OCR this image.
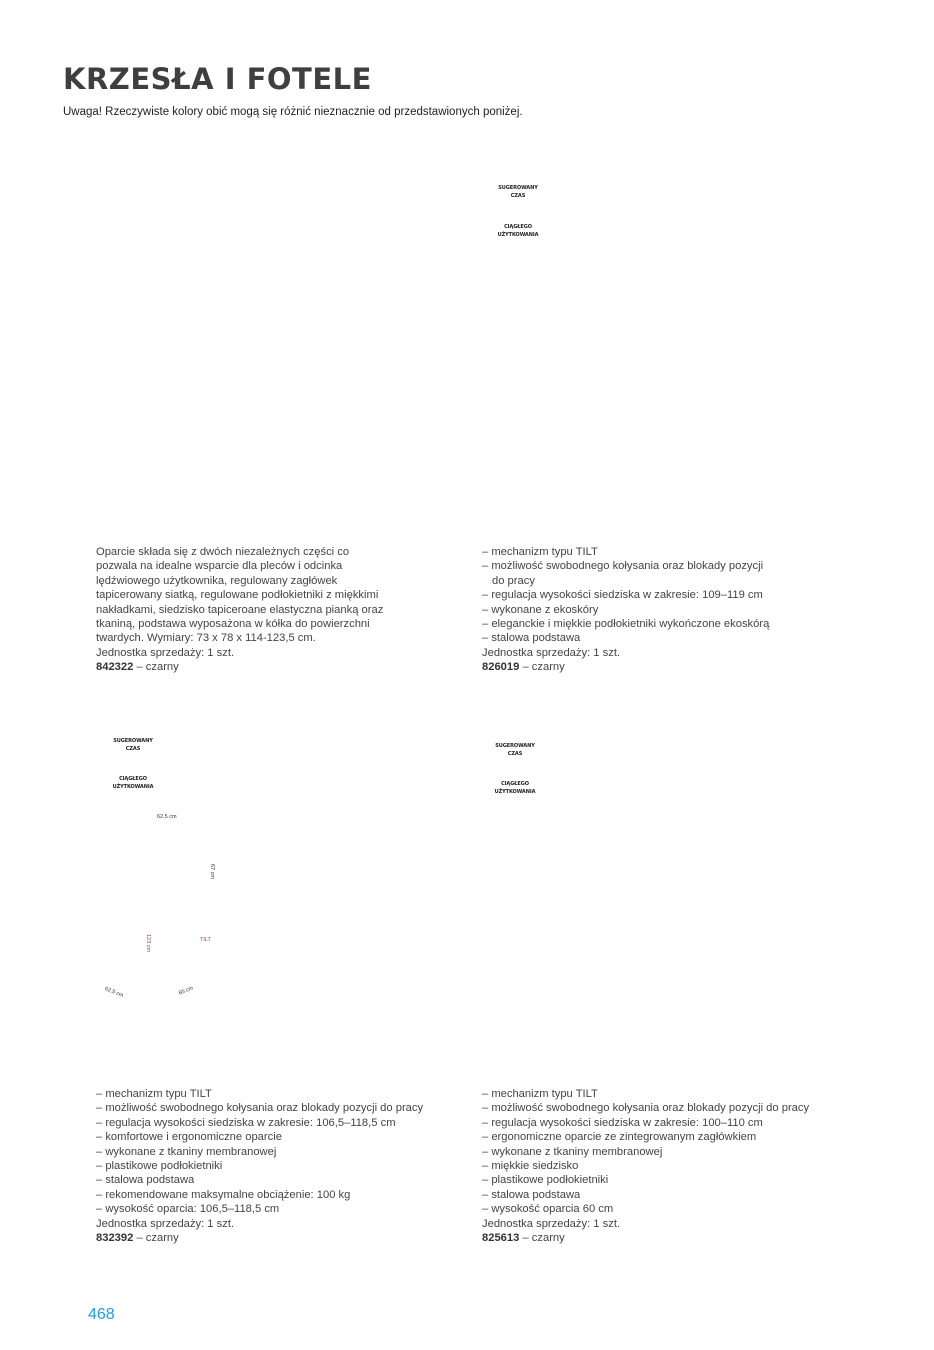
KRZESŁA I FOTELE
Uwaga! Rzeczywiste kolory obić mogą się różnić nieznacznie od przedstawionych poniżej.
SUGEROWANY
CZAS
CIĄGŁEGO
UŻYTKOWANIA
Oparcie składa się z dwóch niezależnych części co
pozwala na idealne wsparcie dla pleców i odcinka
lędźwiowego użytkownika, regulowany zagłówek
tapicerowany siatką, regulowane podłokietniki z miękkimi
nakładkami, siedzisko tapiceroane elastyczna pianką oraz
tkaniną, podstawa wyposażona w kółka do powierzchni
twardych. Wymiary: 73 x 78 x 114-123,5 cm.
Jednostka sprzedaży: 1 szt.
842322 – czarny
– mechanizm typu TILT
– możliwość swobodnego kołysania oraz blokady pozycji
do pracy
– regulacja wysokości siedziska w zakresie: 109–119 cm
– wykonane z ekoskóry
– eleganckie i miękkie podłokietniki wykończone ekoskórą
– stalowa podstawa
Jednostka sprzedaży: 1 szt.
826019 – czarny
SUGEROWANY
CZAS
CIĄGŁEGO
UŻYTKOWANIA
SUGEROWANY
CZAS
CIĄGŁEGO
UŻYTKOWANIA
62,5 cm
67 cm
123 cm	TILT
62,5 cm	65 cm
– mechanizm typu TILT
– możliwość swobodnego kołysania oraz blokady pozycji do pracy
– regulacja wysokości siedziska w zakresie: 106,5–118,5 cm
– komfortowe i ergonomiczne oparcie
– wykonane z tkaniny membranowej
– plastikowe podłokietniki
– stalowa podstawa
– rekomendowane maksymalne obciążenie: 100 kg
– wysokość oparcia: 106,5–118,5 cm
Jednostka sprzedaży: 1 szt.
832392 – czarny
– mechanizm typu TILT
– możliwość swobodnego kołysania oraz blokady pozycji do pracy
– regulacja wysokości siedziska w zakresie: 100–110 cm
– ergonomiczne oparcie ze zintegrowanym zagłówkiem
– wykonane z tkaniny membranowej
– miękkie siedzisko
– plastikowe podłokietniki
– stalowa podstawa
– wysokość oparcia 60 cm
Jednostka sprzedaży: 1 szt.
825613 – czarny
468
